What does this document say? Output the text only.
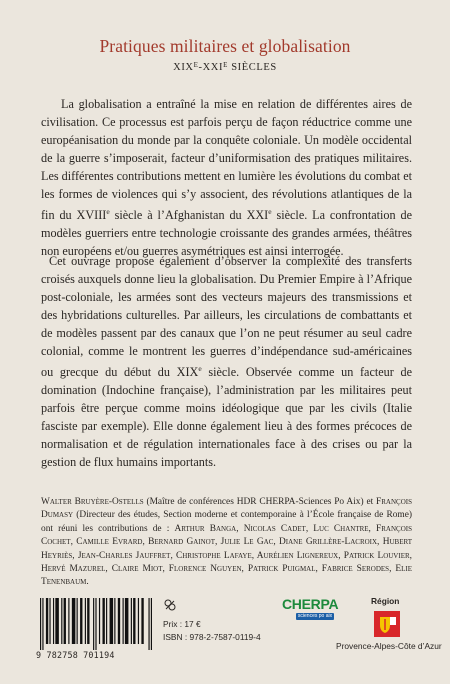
Pratiques militaires et globalisation
$XIX^E-XXI^E$ SIÈCLES

La globalisation a entraîné la mise en relation de différentes aires de civilisation. Ce processus est parfois perçu de façon réductrice comme une européanisation du monde par la conquête coloniale. Un modèle occidental de la guerre s’imposerait, facteur d’uniformisation des pratiques militaires. Les différentes contributions mettent en lumière les évolutions du combat et les formes de violences qui s’y associent, des révolutions atlantiques de la fin du XVIIIe siècle à l’Afghanistan du XXIe siècle. La confrontation de modèles guerriers entre technologie croissante des grandes armées, théâtres non européens et/ou guerres asymétriques est ainsi interrogée.

Cet ouvrage propose également d’observer la complexité des transferts croisés auxquels donne lieu la globalisation. Du Premier Empire à l’Afrique post-coloniale, les armées sont des vecteurs majeurs des transmissions et des hybridations culturelles. Par ailleurs, les circulations de combattants et de modèles passent par des canaux que l’on ne peut résumer au seul cadre colonial, comme le montrent les guerres d’indépendance sud-américaines ou grecque du début du XIXe siècle. Observée comme un facteur de domination (Indochine française), l’administration par les militaires peut parfois être perçue comme moins idéologique que par les civils (Italie fasciste par exemple). Elle donne également lieu à des formes précoces de normalisation et de régulation internationales face à des crises ou par la gestion de flux humains importants.

Walter Bruyère-Ostells (Maître de conférences HDR CHERPA-Sciences Po Aix) et François Dumasy (Directeur des études, Section moderne et contemporaine à l’École française de Rome) ont réuni les contributions de : Arthur Banga, Nicolas Cadet, Luc Chantre, François Cochet, Camille Evrard, Bernard Gainot, Julie Le Gac, Diane Grillère-Lacroix, Hubert Heyriès, Jean-Charles Jauffret, Christophe Lafaye, Aurélien Lignereux, Patrick Louvier, Hervé Mazurel, Claire Miot, Florence Nguyen, Patrick Puigmal, Fabrice Serodes, Elie Tenenbaum.

9 782758 701194
Prix : 17 €
ISBN : 978-2-7587-0119-4
CHERPA
sciences po aix
Région
Provence-Alpes-Côte d’Azur
